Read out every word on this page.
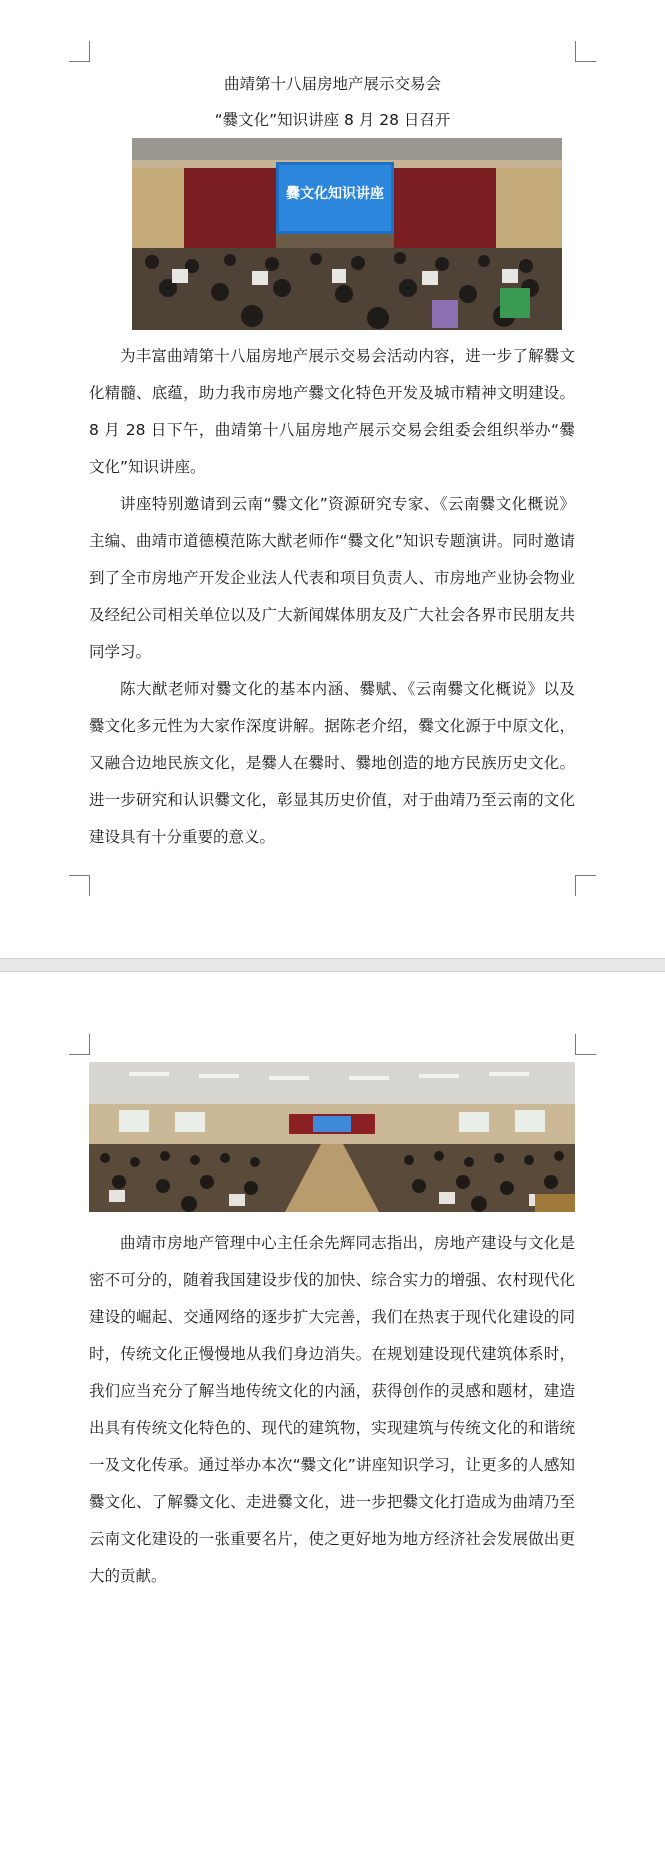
曲靖第十八届房地产展示交易会
“爨文化”知识讲座 8 月 28 日召开
爨文化知识讲座

为丰富曲靖第十八届房地产展示交易会活动内容，进一步了解爨文化精髓、底蕴，助力我市房地产爨文化特色开发及城市精神文明建设。8 月 28 日下午，曲靖第十八届房地产展示交易会组委会组织举办“爨文化”知识讲座。

讲座特别邀请到云南“爨文化”资源研究专家、《云南爨文化概说》主编、曲靖市道德模范陈大猷老师作“爨文化”知识专题演讲。同时邀请到了全市房地产开发企业法人代表和项目负责人、市房地产业协会物业及经纪公司相关单位以及广大新闻媒体朋友及广大社会各界市民朋友共同学习。

陈大猷老师对爨文化的基本内涵、爨赋、《云南爨文化概说》以及爨文化多元性为大家作深度讲解。据陈老介绍，爨文化源于中原文化，又融合边地民族文化，是爨人在爨时、爨地创造的地方民族历史文化。进一步研究和认识爨文化，彰显其历史价值，对于曲靖乃至云南的文化建设具有十分重要的意义。

曲靖市房地产管理中心主任余先辉同志指出，房地产建设与文化是密不可分的，随着我国建设步伐的加快、综合实力的增强、农村现代化建设的崛起、交通网络的逐步扩大完善，我们在热衷于现代化建设的同时，传统文化正慢慢地从我们身边消失。在规划建设现代建筑体系时，我们应当充分了解当地传统文化的内涵，获得创作的灵感和题材，建造出具有传统文化特色的、现代的建筑物，实现建筑与传统文化的和谐统一及文化传承。通过举办本次“爨文化”讲座知识学习，让更多的人感知爨文化、了解爨文化、走进爨文化，进一步把爨文化打造成为曲靖乃至云南文化建设的一张重要名片，使之更好地为地方经济社会发展做出更大的贡献。
